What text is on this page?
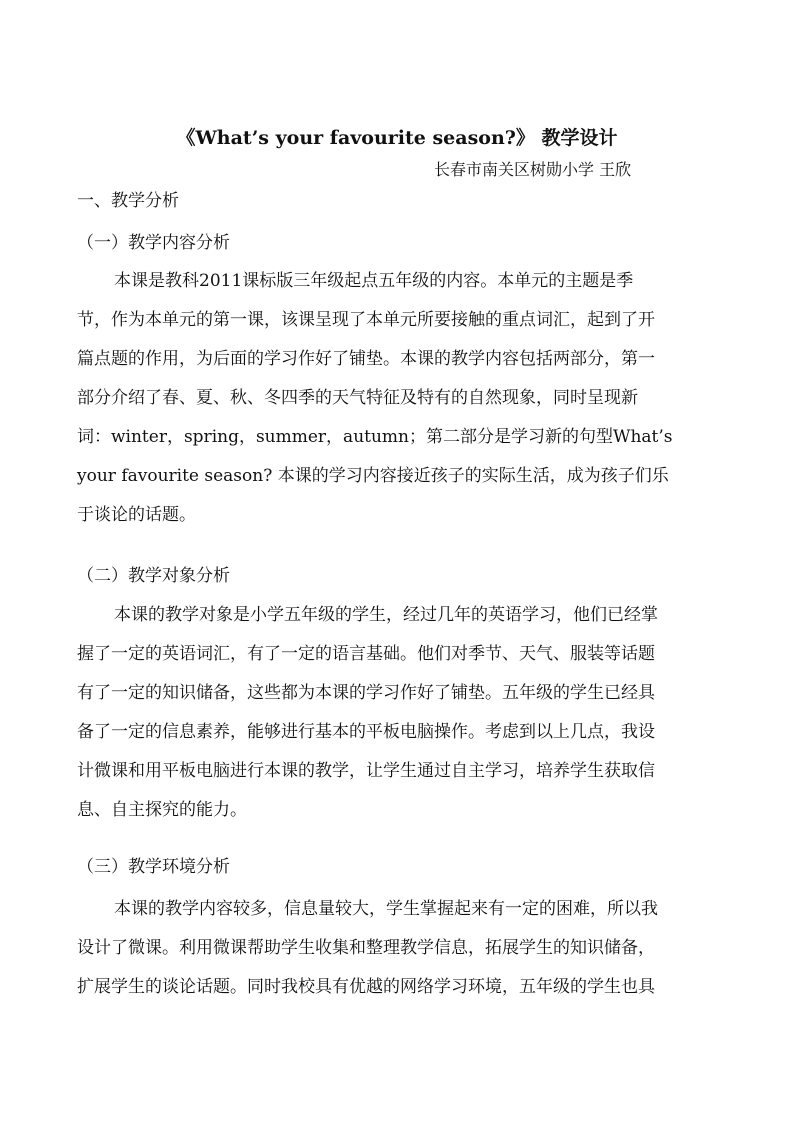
《What’s your favourite season?》 教学设计
长春市南关区树勋小学 王欣
一、教学分析
（一）教学内容分析
本课是教科2011课标版三年级起点五年级的内容。本单元的主题是季
节，作为本单元的第一课，该课呈现了本单元所要接触的重点词汇，起到了开
篇点题的作用，为后面的学习作好了铺垫。本课的教学内容包括两部分，第一
部分介绍了春、夏、秋、冬四季的天气特征及特有的自然现象，同时呈现新
词：winter，spring，summer，autumn；第二部分是学习新的句型What’s
your favourite season? 本课的学习内容接近孩子的实际生活，成为孩子们乐
于谈论的话题。
（二）教学对象分析
本课的教学对象是小学五年级的学生，经过几年的英语学习，他们已经掌
握了一定的英语词汇，有了一定的语言基础。他们对季节、天气、服装等话题
有了一定的知识储备，这些都为本课的学习作好了铺垫。五年级的学生已经具
备了一定的信息素养，能够进行基本的平板电脑操作。考虑到以上几点，我设
计微课和用平板电脑进行本课的教学，让学生通过自主学习，培养学生获取信
息、自主探究的能力。
（三）教学环境分析
本课的教学内容较多，信息量较大，学生掌握起来有一定的困难，所以我
设计了微课。利用微课帮助学生收集和整理教学信息，拓展学生的知识储备，
扩展学生的谈论话题。同时我校具有优越的网络学习环境，五年级的学生也具
